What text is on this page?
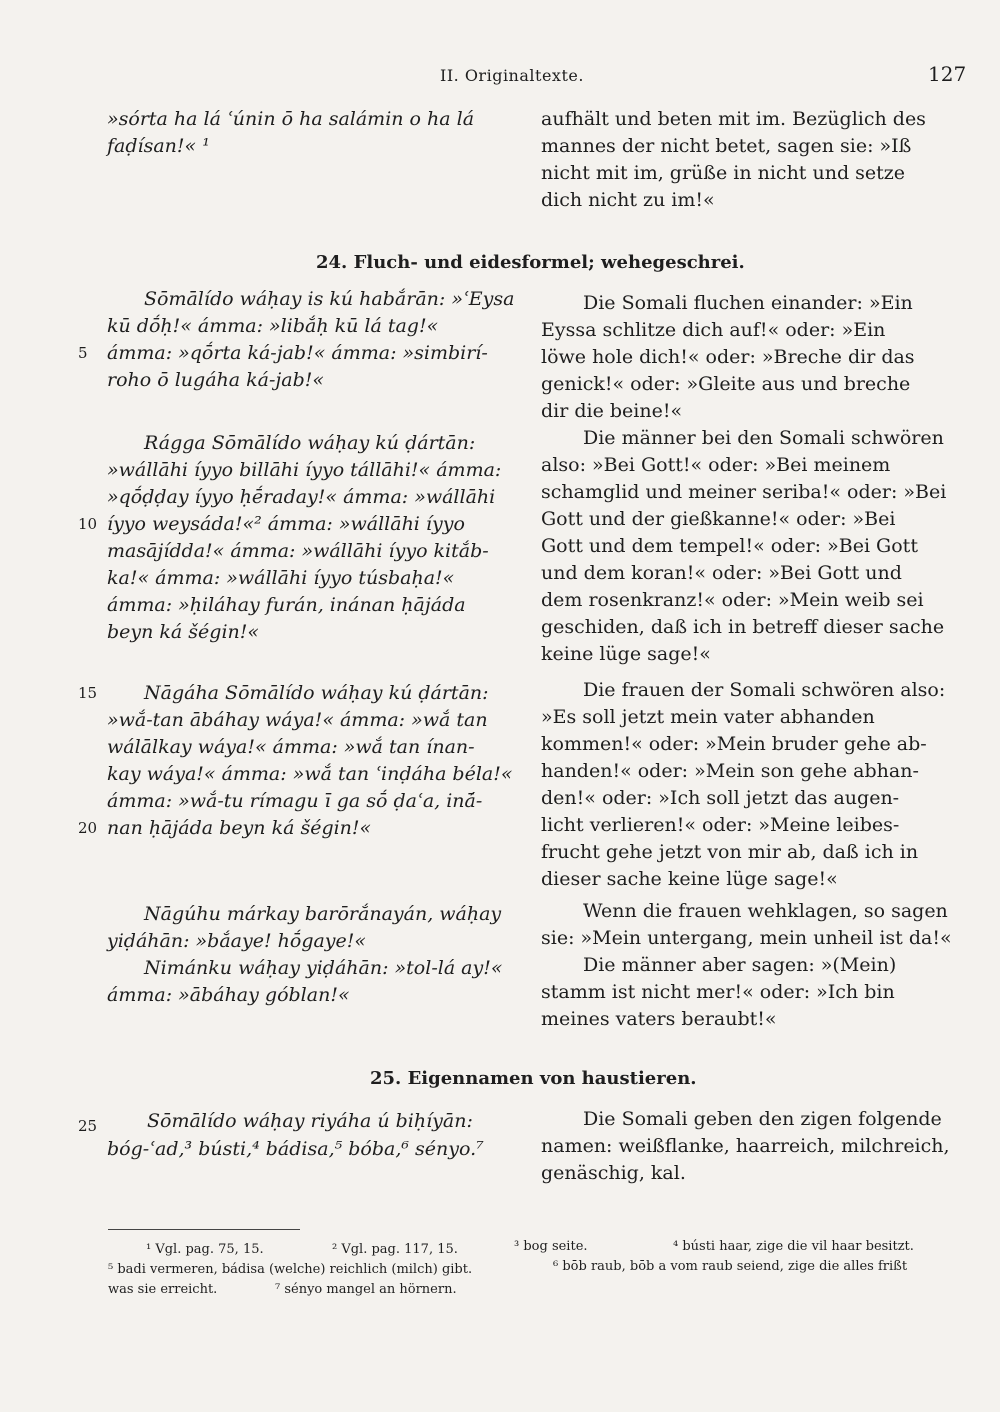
II. Originaltexte.	127
»sórta ha lá ʿúnin ō ha salámin o ha lá
faḍísan!« ¹
aufhält und beten mit im. Bezüglich des
mannes der nicht betet, sagen sie: »Iß
nicht mit im, grüße in nicht und setze
dich nicht zu im!«
24. Fluch- und eidesformel; wehegeschrei.
Sōmālído wáḥay is kú habắrān: »ʿEysa
kū dṓḥ!« ámma: »libắḥ kū lá tag!«
ámma: »qṓrta ká-jab!« ámma: »simbirí-
roho ō lugáha ká-jab!«
Rágga Sōmālído wáḥay kú ḍártān:
»wállāhi íyyo billāhi íyyo tállāhi!« ámma:
»qṓḍḍay íyyo ḥḗraday!« ámma: »wállāhi
íyyo weysáda!«² ámma: »wállāhi íyyo
masājídda!« ámma: »wállāhi íyyo kitắb-
ka!« ámma: »wállāhi íyyo túsbaḥa!«
ámma: »ḥiláhay furán, inánan ḥājáda
beyn ká šégin!«
Nāgáha Sōmālído wáḥay kú ḍártān:
»wắ-tan ābáhay wáya!« ámma: »wắ tan
wálālkay wáya!« ámma: »wắ tan ínan-
kay wáya!« ámma: »wắ tan ʿinḍáha béla!«
ámma: »wắ-tu rímagu ī ga sṓ ḍaʿa, inā́-
nan ḥājáda beyn ká šégin!«
Nāgúhu márkay barōrắnayán, wáḥay
yiḍáhān: »bắaye! hṓgaye!«
Nimánku wáḥay yiḍáhān: »tol-lá ay!«
ámma: »ābáhay góblan!«
Die Somali fluchen einander: »Ein
Eyssa schlitze dich auf!« oder: »Ein
löwe hole dich!« oder: »Breche dir das
genick!« oder: »Gleite aus und breche
dir die beine!«
Die männer bei den Somali schwören
also: »Bei Gott!« oder: »Bei meinem
schamglid und meiner seriba!« oder: »Bei
Gott und der gießkanne!« oder: »Bei
Gott und dem tempel!« oder: »Bei Gott
und dem koran!« oder: »Bei Gott und
dem rosenkranz!« oder: »Mein weib sei
geschiden, daß ich in betreff dieser sache
keine lüge sage!«
Die frauen der Somali schwören also:
»Es soll jetzt mein vater abhanden
kommen!« oder: »Mein bruder gehe ab-
handen!« oder: »Mein son gehe abhan-
den!« oder: »Ich soll jetzt das augen-
licht verlieren!« oder: »Meine leibes-
frucht gehe jetzt von mir ab, daß ich in
dieser sache keine lüge sage!«
Wenn die frauen wehklagen, so sagen
sie: »Mein untergang, mein unheil ist da!«
Die männer aber sagen: »(Mein)
stamm ist nicht mer!« oder: »Ich bin
meines vaters beraubt!«
5
10
15
20
25
25. Eigennamen von haustieren.
Sōmālído wáḥay riyáha ú biḥíyān:
bóg-ʿad,³ bústi,⁴ bádisa,⁵ bóba,⁶ sényo.⁷
Die Somali geben den zigen folgende
namen: weißflanke, haarreich, milchreich,
genäschig, kal.
¹ Vgl. pag. 75, 15.	² Vgl. pag. 117, 15.	³ bog seite.	⁴ bústi haar, zige die vil haar besitzt.
⁵ badi vermeren, bádisa (welche) reichlich (milch) gibt.	⁶ bōb raub, bōb a vom raub seiend, zige die alles frißt
was sie erreicht.	⁷ sényo mangel an hörnern.
